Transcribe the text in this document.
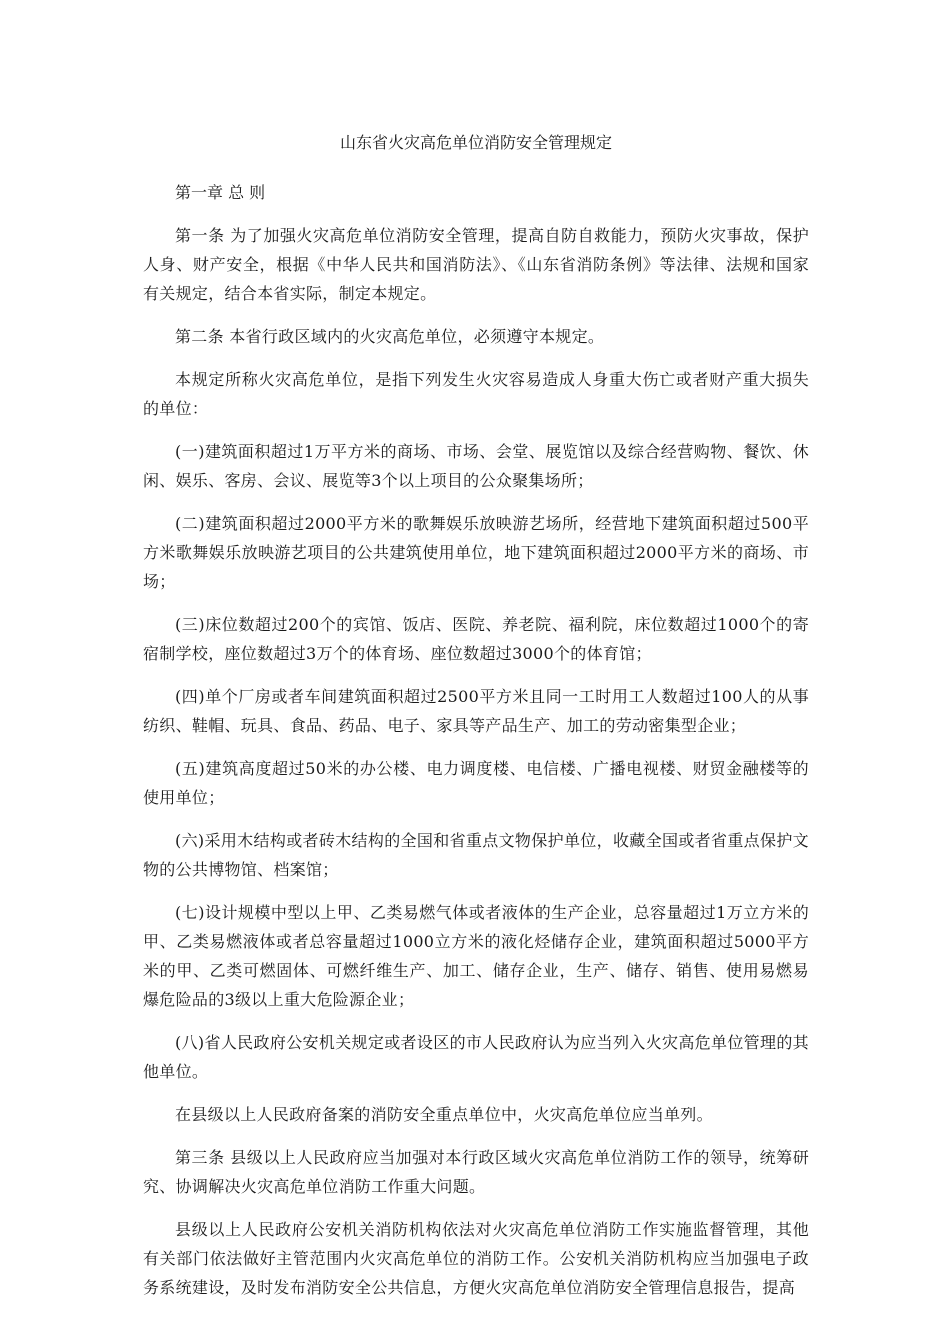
山东省火灾高危单位消防安全管理规定

第一章 总 则

第一条 为了加强火灾高危单位消防安全管理，提高自防自救能力，预防火灾事故，保护人身、财产安全，根据《中华人民共和国消防法》、《山东省消防条例》等法律、法规和国家有关规定，结合本省实际，制定本规定。

第二条 本省行政区域内的火灾高危单位，必须遵守本规定。

本规定所称火灾高危单位，是指下列发生火灾容易造成人身重大伤亡或者财产重大损失的单位：

(一)建筑面积超过1万平方米的商场、市场、会堂、展览馆以及综合经营购物、餐饮、休闲、娱乐、客房、会议、展览等3个以上项目的公众聚集场所；

(二)建筑面积超过2000平方米的歌舞娱乐放映游艺场所，经营地下建筑面积超过500平方米歌舞娱乐放映游艺项目的公共建筑使用单位，地下建筑面积超过2000平方米的商场、市场；

(三)床位数超过200个的宾馆、饭店、医院、养老院、福利院，床位数超过1000个的寄宿制学校，座位数超过3万个的体育场、座位数超过3000个的体育馆；

(四)单个厂房或者车间建筑面积超过2500平方米且同一工时用工人数超过100人的从事纺织、鞋帽、玩具、食品、药品、电子、家具等产品生产、加工的劳动密集型企业；

(五)建筑高度超过50米的办公楼、电力调度楼、电信楼、广播电视楼、财贸金融楼等的使用单位；

(六)采用木结构或者砖木结构的全国和省重点文物保护单位，收藏全国或者省重点保护文物的公共博物馆、档案馆；

(七)设计规模中型以上甲、乙类易燃气体或者液体的生产企业，总容量超过1万立方米的甲、乙类易燃液体或者总容量超过1000立方米的液化烃储存企业，建筑面积超过5000平方米的甲、乙类可燃固体、可燃纤维生产、加工、储存企业，生产、储存、销售、使用易燃易爆危险品的3级以上重大危险源企业；

(八)省人民政府公安机关规定或者设区的市人民政府认为应当列入火灾高危单位管理的其他单位。

在县级以上人民政府备案的消防安全重点单位中，火灾高危单位应当单列。

第三条 县级以上人民政府应当加强对本行政区域火灾高危单位消防工作的领导，统筹研究、协调解决火灾高危单位消防工作重大问题。

县级以上人民政府公安机关消防机构依法对火灾高危单位消防工作实施监督管理，其他有关部门依法做好主管范围内火灾高危单位的消防工作。公安机关消防机构应当加强电子政务系统建设，及时发布消防安全公共信息，方便火灾高危单位消防安全管理信息报告，提高
